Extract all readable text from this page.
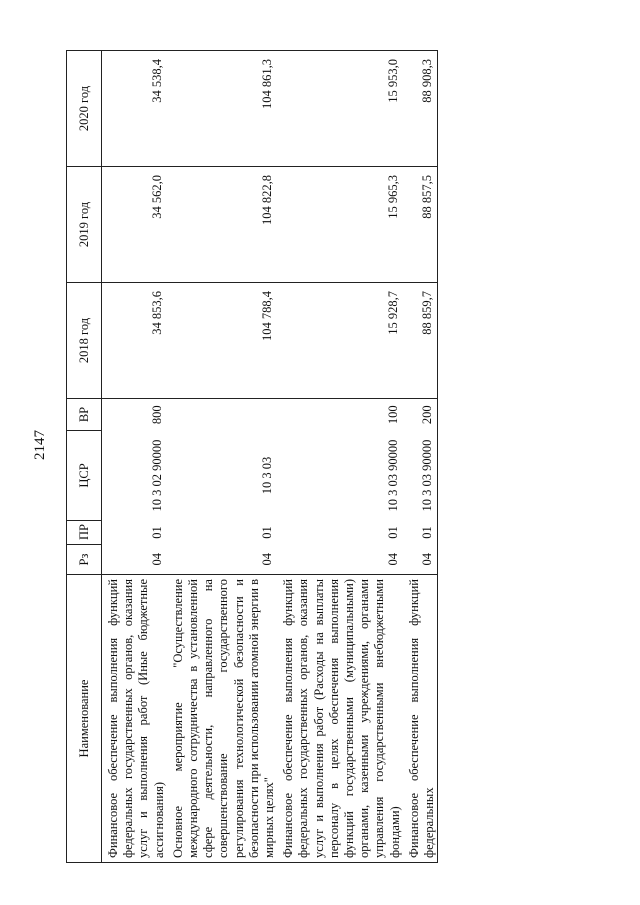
2147
Наименование	Рз	ПР	ЦСР	ВР	2018 год	2019 год	2020 год
Финансовое обеспечение выполнения функций федеральных государственных органов, оказания услуг и выполнения работ (Иные бюджетные ассигнования)	04	01	10 3 02 90000	800	34 853,6	34 562,0	34 538,4
Основное мероприятие "Осуществление международного сотрудничества в установленной сфере деятельности, направленного на совершенствование государственного регулирования технологической безопасности и безопасности при использовании атомной энергии в мирных целях"	04	01	10 3 03		104 788,4	104 822,8	104 861,3
Финансовое обеспечение выполнения функций федеральных государственных органов, оказания услуг и выполнения работ (Расходы на выплаты персоналу в целях обеспечения выполнения функций государственными (муниципальными) органами, казенными учреждениями, органами управления государственными внебюджетными фондами)	04	01	10 3 03 90000	100	15 928,7	15 965,3	15 953,0
Финансовое обеспечение выполнения функций федеральных	04	01	10 3 03 90000	200	88 859,7	88 857,5	88 908,3
